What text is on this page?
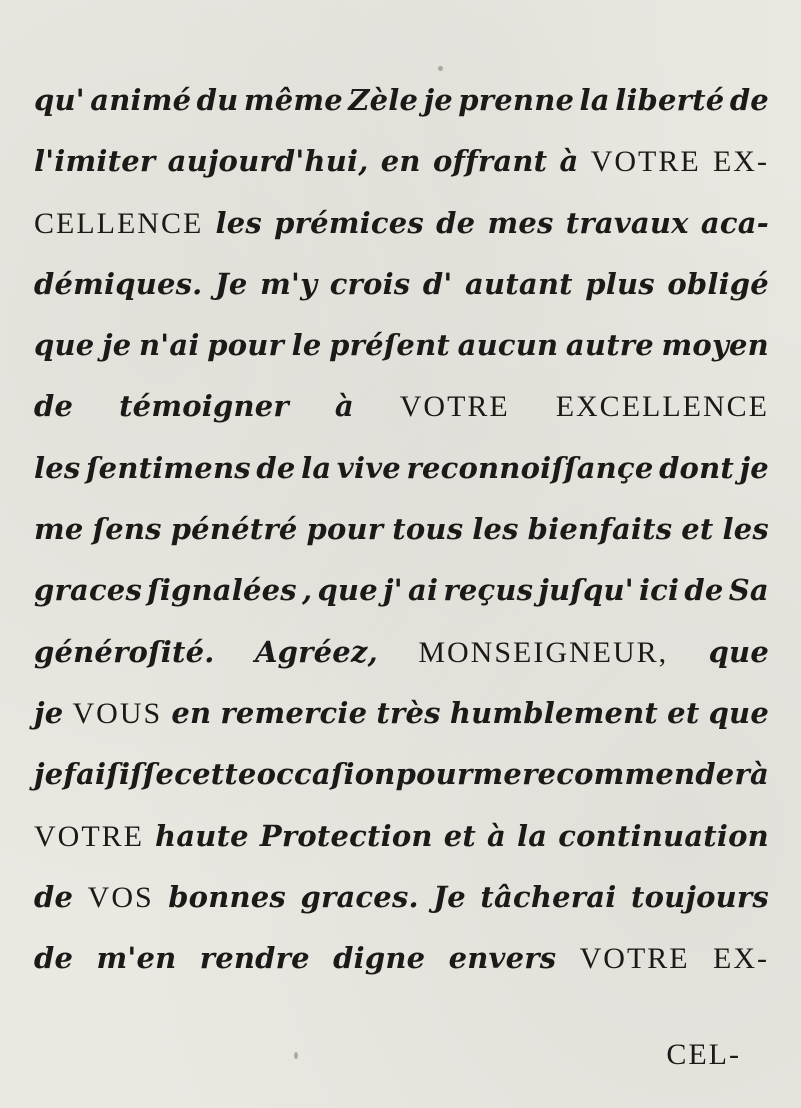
qu' animé du même Zèle je prenne la liberté de
l'imiter aujourd'hui, en offrant à VOTRE EX-
CELLENCE les prémices de mes travaux aca-
démiques. Je m'y crois d' autant plus obligé
que je n'ai pour le préſent aucun autre moyen
de témoigner à VOTRE EXCELLENCE
les ſentimens de la vive reconnoiſſançe dont je
me ſens pénétré pour tous les bienfaits et les
graces ſignalées , que j' ai reçus juſqu' ici de Sa
généroſité. Agréez, MONSEIGNEUR, que
je VOUS en remercie très humblement et que
je faiſiſſe cette occaſion pour me recommender à
VOTRE haute Protection et à la continuation
de VOS bonnes graces. Je tâcherai toujours
de m'en rendre digne envers VOTRE EX-
CEL-
